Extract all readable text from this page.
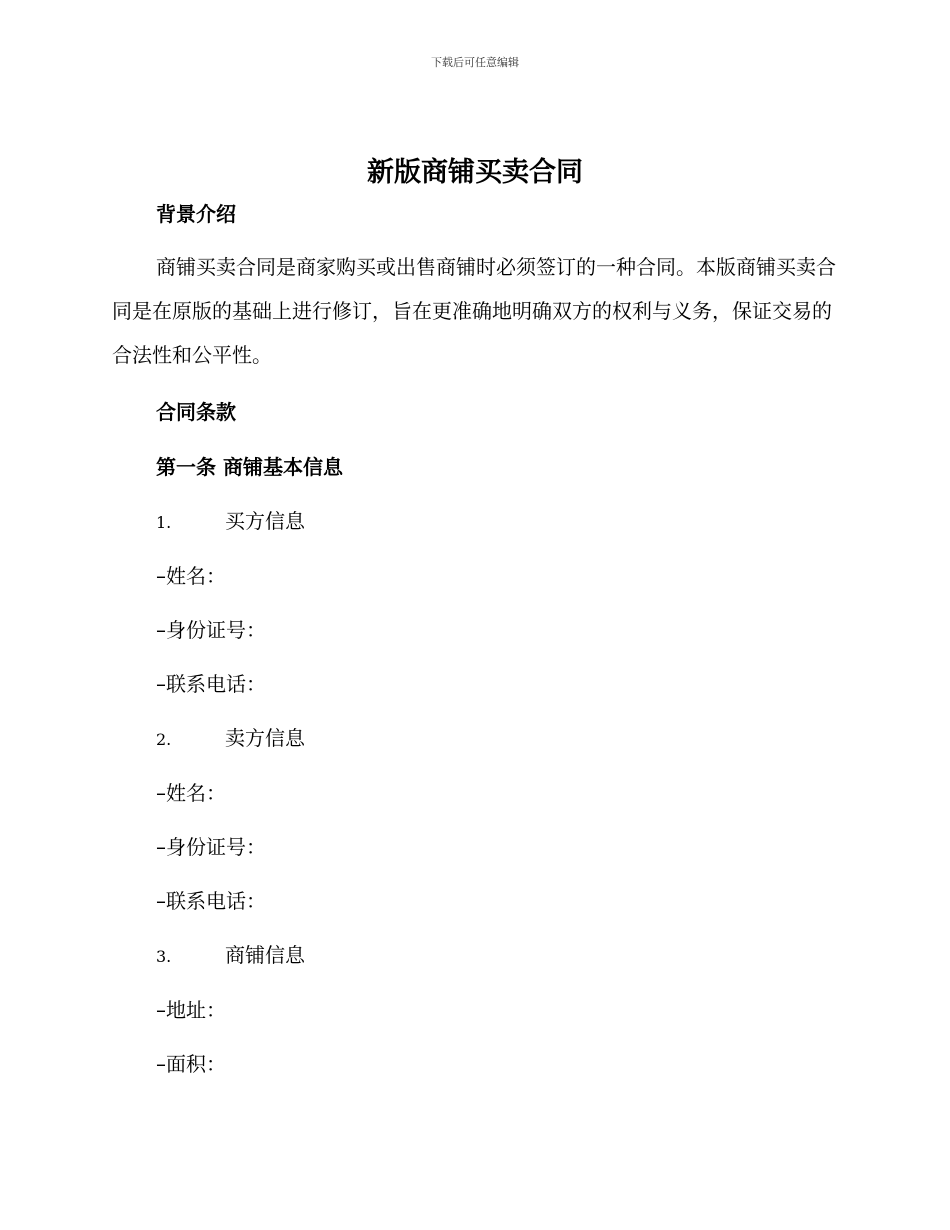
下载后可任意编辑
新版商铺买卖合同
背景介绍
商铺买卖合同是商家购买或出售商铺时必须签订的一种合同。本版商铺买卖合同是在原版的基础上进行修订，旨在更准确地明确双方的权利与义务，保证交易的合法性和公平性。
合同条款
第一条 商铺基本信息
1.	买方信息
–姓名：
–身份证号：
–联系电话：
2.	卖方信息
–姓名：
–身份证号：
–联系电话：
3.	商铺信息
–地址：
–面积：
